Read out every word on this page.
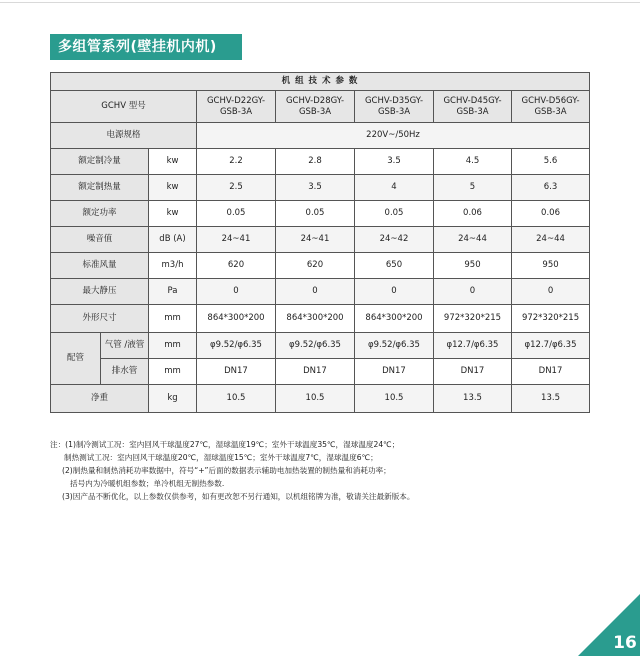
多组管系列(壁挂机内机)
机 组 技 术 参 数							
GCHV 型号			GCHV-D22GY-GSB-3A	GCHV-D28GY-GSB-3A	GCHV-D35GY-GSB-3A	GCHV-D45GY-GSB-3A	GCHV-D56GY-GSB-3A
电源规格			220V~/50Hz				
额定制冷量		kw	2.2	2.8	3.5	4.5	5.6
额定制热量		kw	2.5	3.5	4	5	6.3
额定功率		kw	0.05	0.05	0.05	0.06	0.06
噪音值		dB (A)	24~41	24~41	24~42	24~44	24~44
标准风量		m3/h	620	620	650	950	950
最大静压		Pa	0	0	0	0	0
外形尺寸		mm	864*300*200	864*300*200	864*300*200	972*320*215	972*320*215
配管	气管 /液管	mm	φ9.52/φ6.35	φ9.52/φ6.35	φ9.52/φ6.35	φ12.7/φ6.35	φ12.7/φ6.35
	排水管	mm	DN17	DN17	DN17	DN17	DN17
净重		kg	10.5	10.5	10.5	13.5	13.5
注：(1)制冷测试工况：室内回风干球温度27℃，湿球温度19℃；室外干球温度35℃，湿球温度24℃；
制热测试工况：室内回风干球温度20℃，湿球温度15℃；室外干球温度7℃，湿球温度6℃；
(2)制热量和制热消耗功率数据中，符号“+”后面的数据表示辅助电加热装置的制热量和消耗功率；
括号内为冷暖机组参数；单冷机组无制热参数.
(3)因产品不断优化，以上参数仅供参考，如有更改恕不另行通知，以机组铭牌为准，敬请关注最新版本。
16
